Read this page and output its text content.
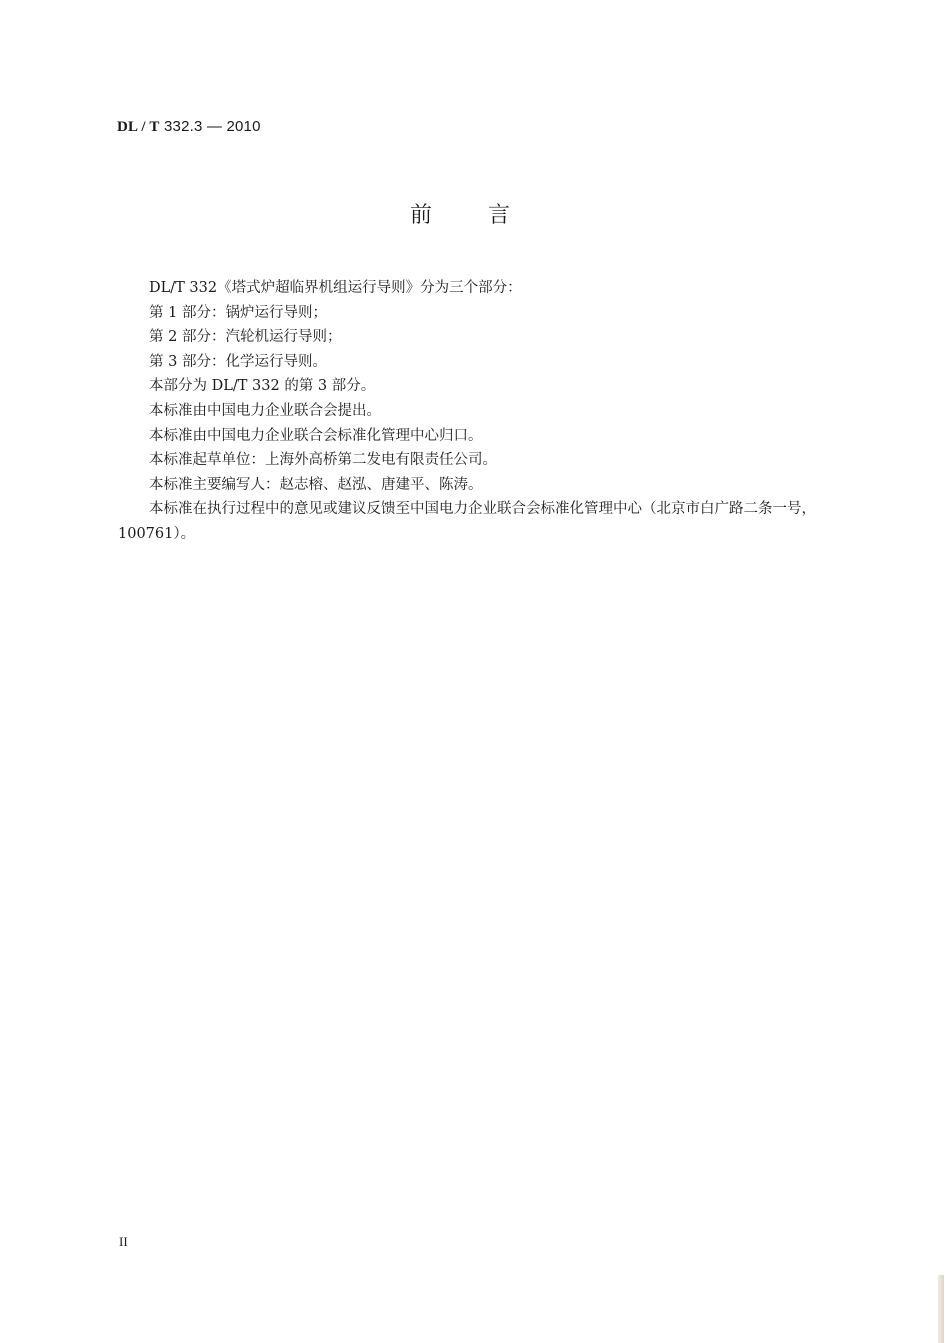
DL / T 332.3 — 2010
前言

DL/T 332《塔式炉超临界机组运行导则》分为三个部分：

第 1 部分：锅炉运行导则；

第 2 部分：汽轮机运行导则；

第 3 部分：化学运行导则。

本部分为 DL/T 332 的第 3 部分。

本标准由中国电力企业联合会提出。

本标准由中国电力企业联合会标准化管理中心归口。

本标准起草单位：上海外高桥第二发电有限责任公司。

本标准主要编写人：赵志榕、赵泓、唐建平、陈涛。

本标准在执行过程中的意见或建议反馈至中国电力企业联合会标准化管理中心（北京市白广路二条一号，100761）。

II
